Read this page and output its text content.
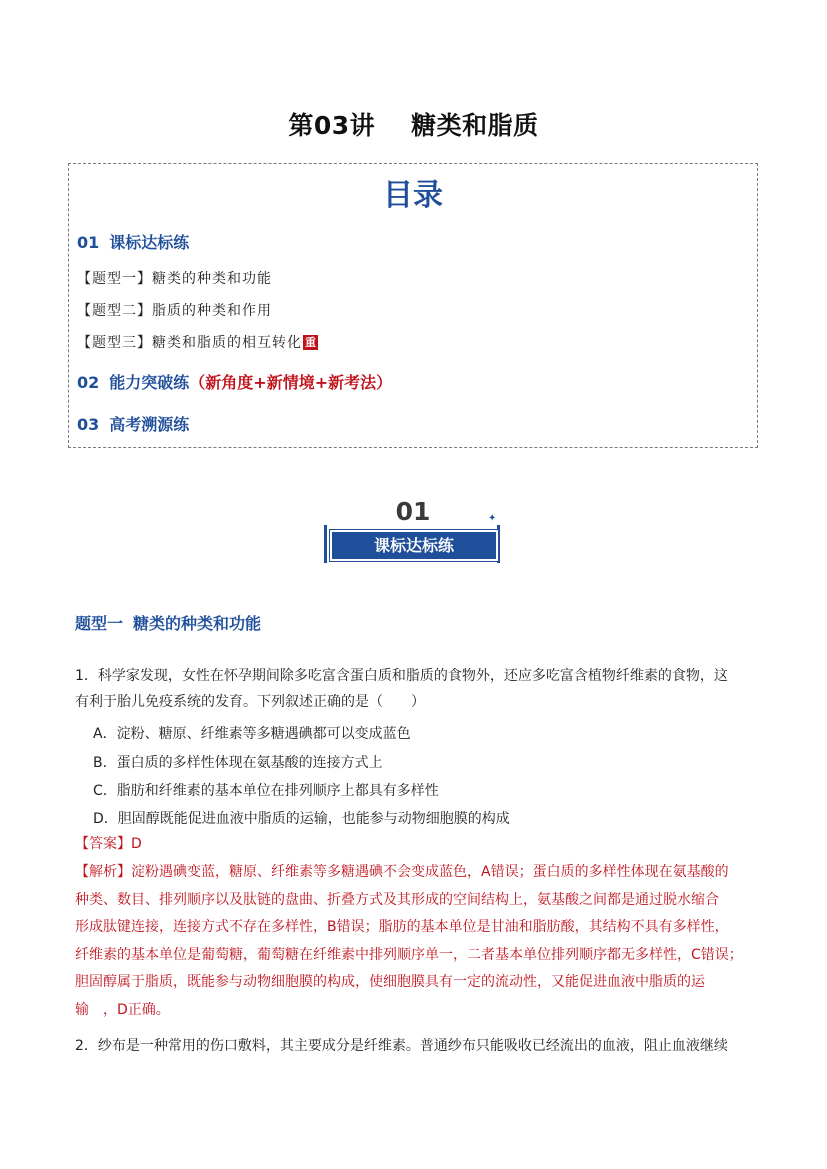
第03讲 糖类和脂质
目录
01 课标达标练
【题型一】糖类的种类和功能
【题型二】脂质的种类和作用
【题型三】糖类和脂质的相互转化 重
02 能力突破练（新角度+新情境+新考法）
03 高考溯源练
01
课标达标练
✦
题型一 糖类的种类和功能
1．科学家发现，女性在怀孕期间除多吃富含蛋白质和脂质的食物外，还应多吃富含植物纤维素的食物，这
有利于胎儿免疫系统的发育。下列叙述正确的是（　　）
A．淀粉、糖原、纤维素等多糖遇碘都可以变成蓝色
B．蛋白质的多样性体现在氨基酸的连接方式上
C．脂肪和纤维素的基本单位在排列顺序上都具有多样性
D．胆固醇既能促进血液中脂质的运输，也能参与动物细胞膜的构成
【答案】D
【解析】淀粉遇碘变蓝，糖原、纤维素等多糖遇碘不会变成蓝色，A错误；蛋白质的多样性体现在氨基酸的
种类、数目、排列顺序以及肽链的盘曲、折叠方式及其形成的空间结构上，氨基酸之间都是通过脱水缩合
形成肽键连接，连接方式不存在多样性，B错误；脂肪的基本单位是甘油和脂肪酸，其结构不具有多样性，
纤维素的基本单位是葡萄糖，葡萄糖在纤维素中排列顺序单一，二者基本单位排列顺序都无多样性，C错误；
胆固醇属于脂质，既能参与动物细胞膜的构成，使细胞膜具有一定的流动性，又能促进血液中脂质的运
输　，D正确。
2．纱布是一种常用的伤口敷料，其主要成分是纤维素。普通纱布只能吸收已经流出的血液，阻止血液继续
